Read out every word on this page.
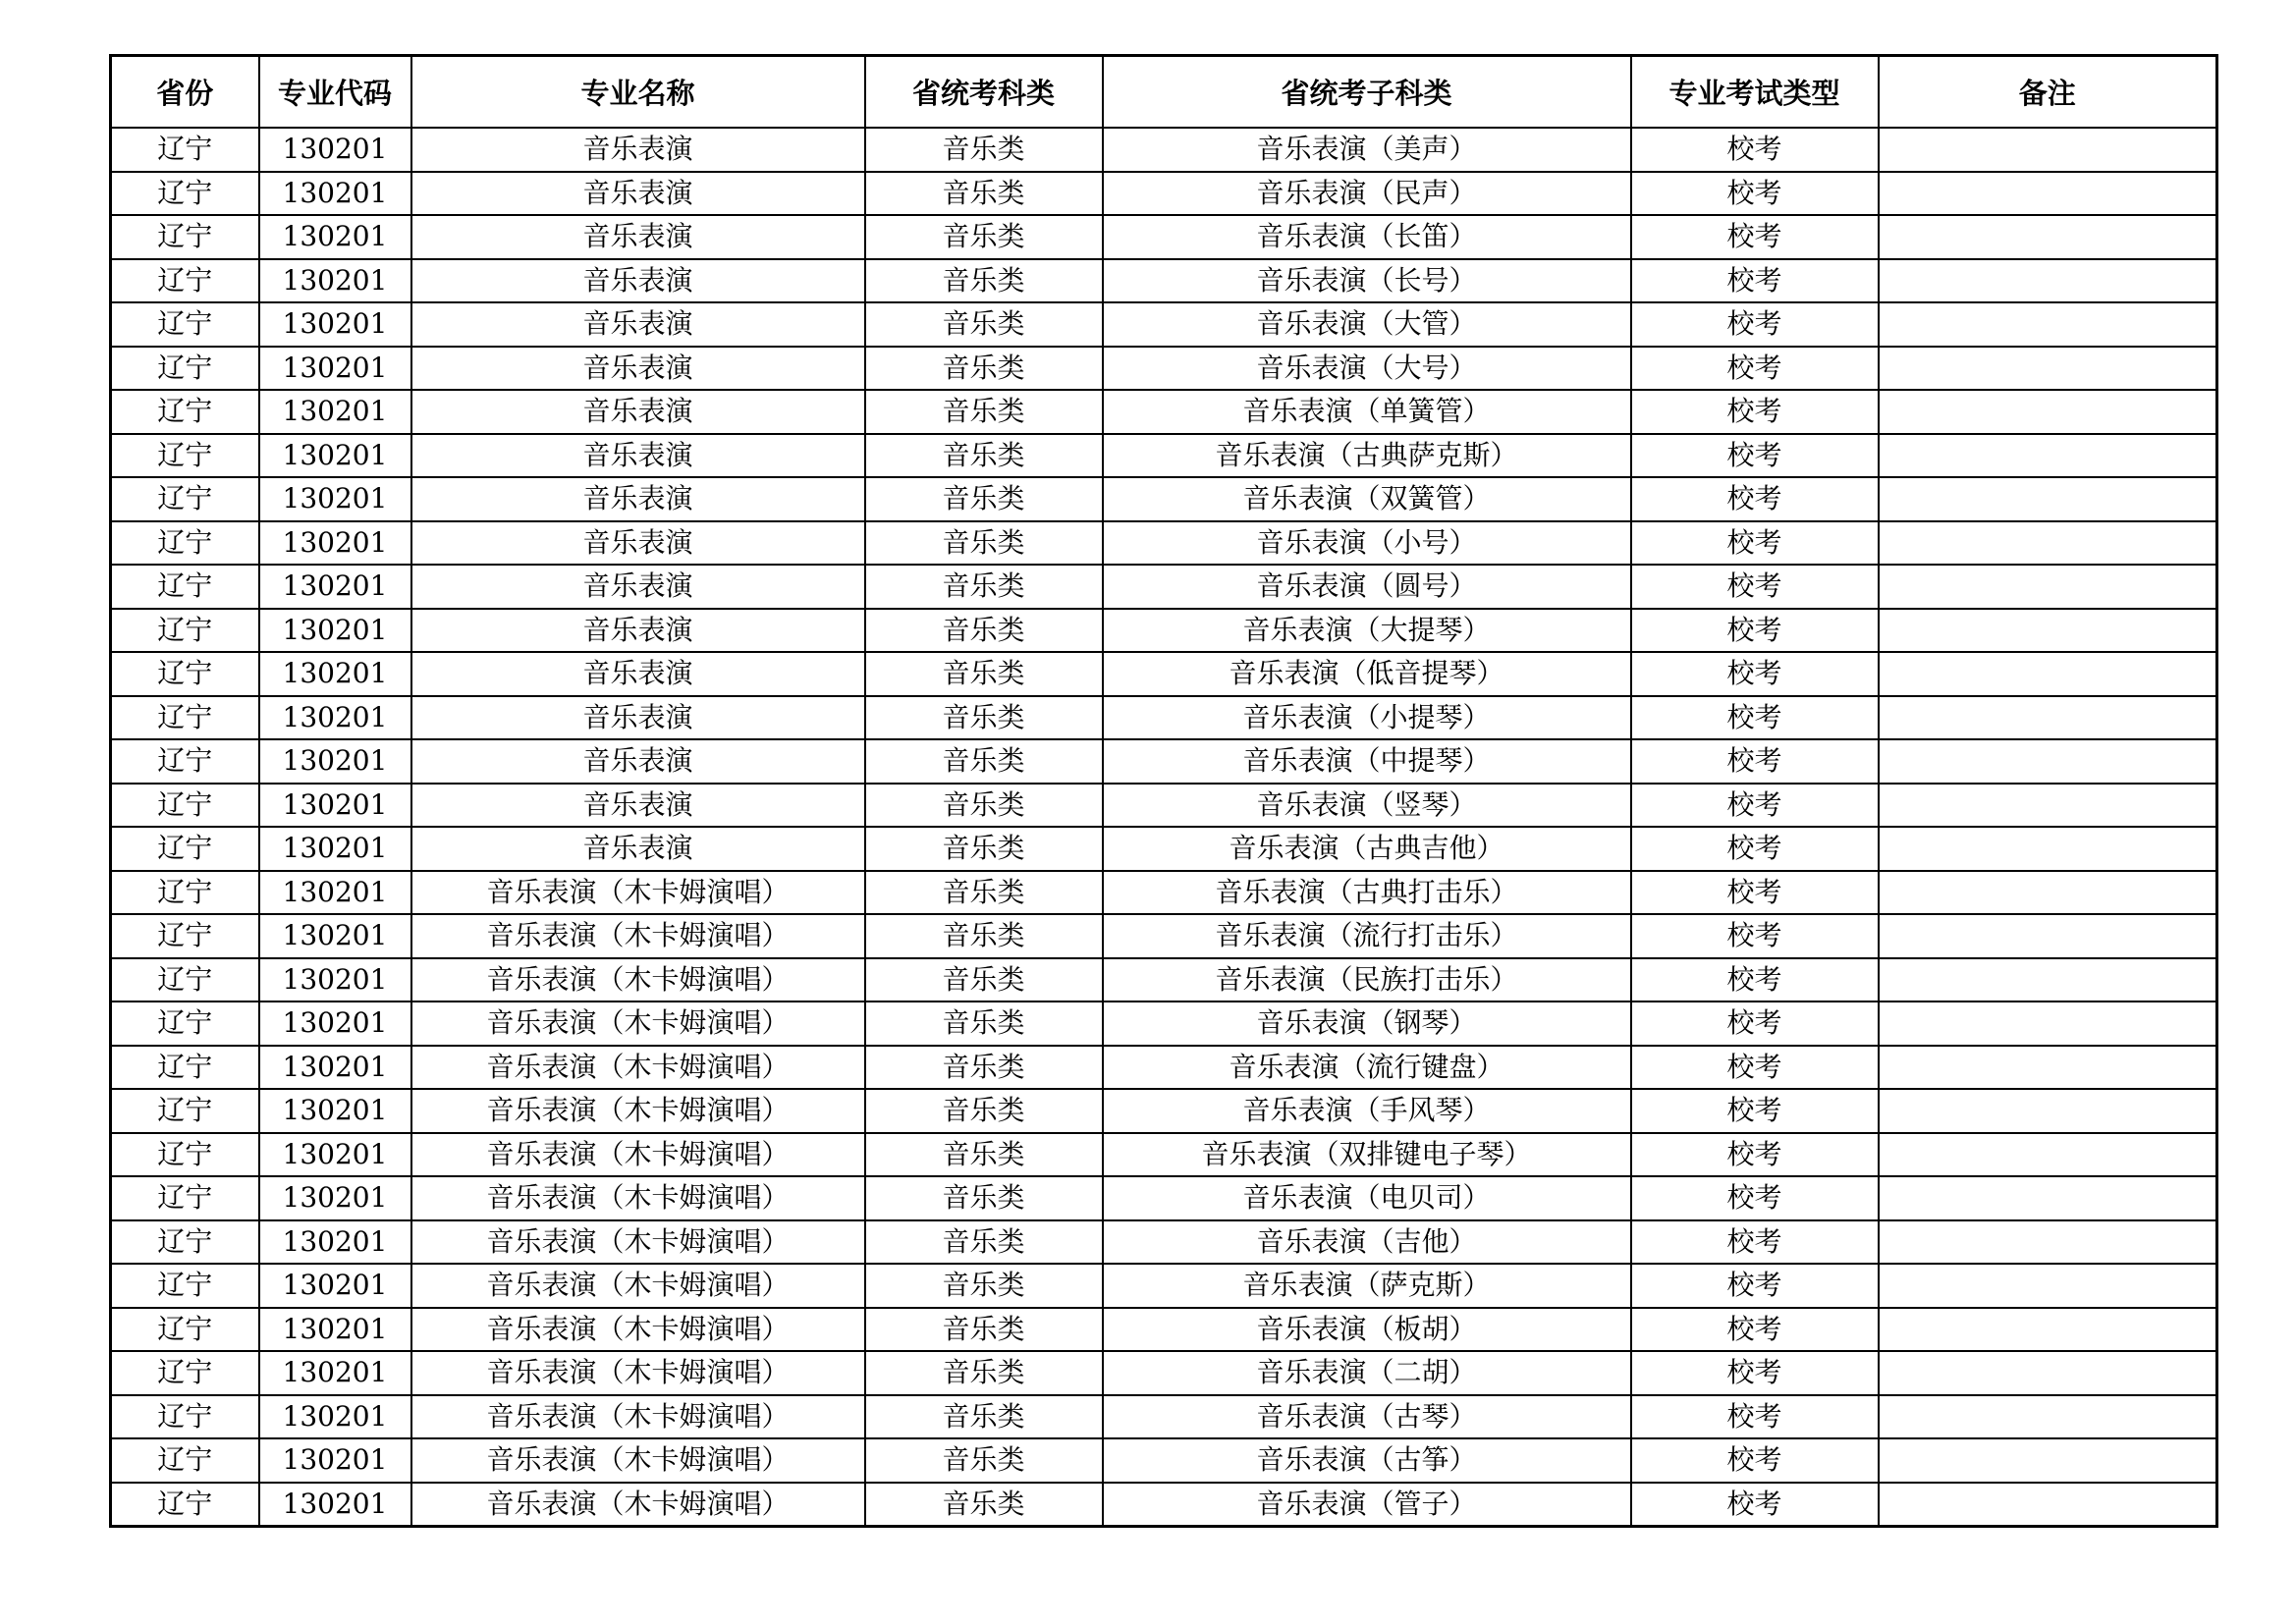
省份	专业代码	专业名称	省统考科类	省统考子科类	专业考试类型	备注
辽宁	130201	音乐表演	音乐类	音乐表演（美声）	校考	
辽宁	130201	音乐表演	音乐类	音乐表演（民声）	校考	
辽宁	130201	音乐表演	音乐类	音乐表演（长笛）	校考	
辽宁	130201	音乐表演	音乐类	音乐表演（长号）	校考	
辽宁	130201	音乐表演	音乐类	音乐表演（大管）	校考	
辽宁	130201	音乐表演	音乐类	音乐表演（大号）	校考	
辽宁	130201	音乐表演	音乐类	音乐表演（单簧管）	校考	
辽宁	130201	音乐表演	音乐类	音乐表演（古典萨克斯）	校考	
辽宁	130201	音乐表演	音乐类	音乐表演（双簧管）	校考	
辽宁	130201	音乐表演	音乐类	音乐表演（小号）	校考	
辽宁	130201	音乐表演	音乐类	音乐表演（圆号）	校考	
辽宁	130201	音乐表演	音乐类	音乐表演（大提琴）	校考	
辽宁	130201	音乐表演	音乐类	音乐表演（低音提琴）	校考	
辽宁	130201	音乐表演	音乐类	音乐表演（小提琴）	校考	
辽宁	130201	音乐表演	音乐类	音乐表演（中提琴）	校考	
辽宁	130201	音乐表演	音乐类	音乐表演（竖琴）	校考	
辽宁	130201	音乐表演	音乐类	音乐表演（古典吉他）	校考	
辽宁	130201	音乐表演（木卡姆演唱）	音乐类	音乐表演（古典打击乐）	校考	
辽宁	130201	音乐表演（木卡姆演唱）	音乐类	音乐表演（流行打击乐）	校考	
辽宁	130201	音乐表演（木卡姆演唱）	音乐类	音乐表演（民族打击乐）	校考	
辽宁	130201	音乐表演（木卡姆演唱）	音乐类	音乐表演（钢琴）	校考	
辽宁	130201	音乐表演（木卡姆演唱）	音乐类	音乐表演（流行键盘）	校考	
辽宁	130201	音乐表演（木卡姆演唱）	音乐类	音乐表演（手风琴）	校考	
辽宁	130201	音乐表演（木卡姆演唱）	音乐类	音乐表演（双排键电子琴）	校考	
辽宁	130201	音乐表演（木卡姆演唱）	音乐类	音乐表演（电贝司）	校考	
辽宁	130201	音乐表演（木卡姆演唱）	音乐类	音乐表演（吉他）	校考	
辽宁	130201	音乐表演（木卡姆演唱）	音乐类	音乐表演（萨克斯）	校考	
辽宁	130201	音乐表演（木卡姆演唱）	音乐类	音乐表演（板胡）	校考	
辽宁	130201	音乐表演（木卡姆演唱）	音乐类	音乐表演（二胡）	校考	
辽宁	130201	音乐表演（木卡姆演唱）	音乐类	音乐表演（古琴）	校考	
辽宁	130201	音乐表演（木卡姆演唱）	音乐类	音乐表演（古筝）	校考	
辽宁	130201	音乐表演（木卡姆演唱）	音乐类	音乐表演（管子）	校考	
